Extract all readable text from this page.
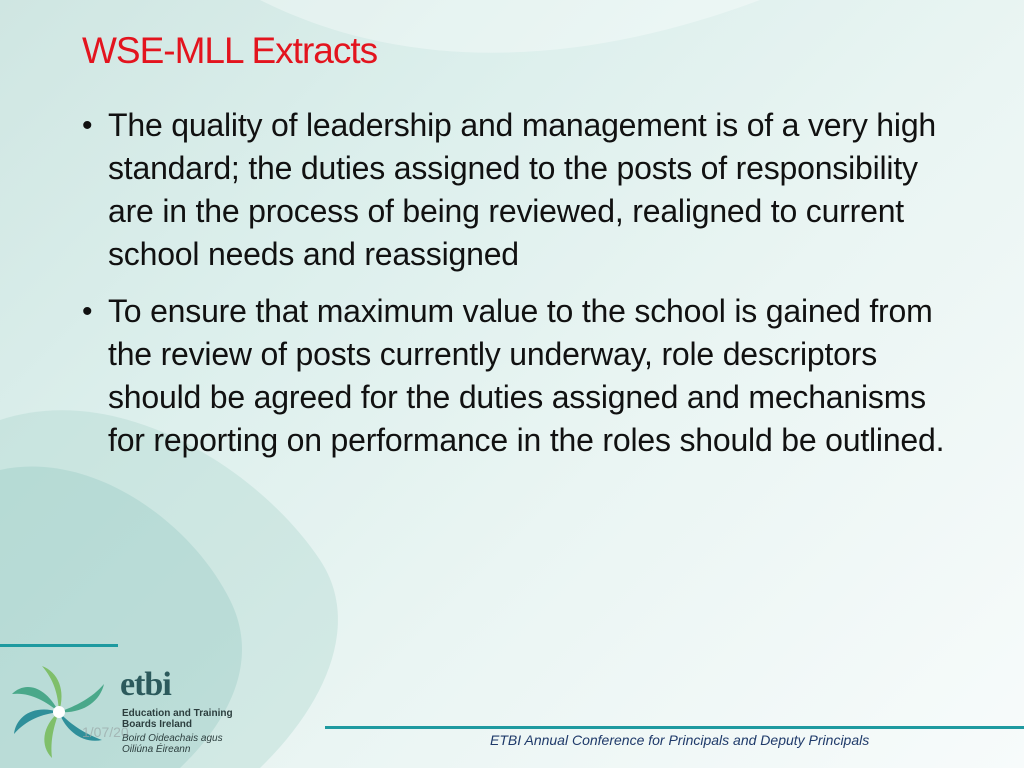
WSE-MLL Extracts
• The quality of leadership and management is of a very high standard; the duties assigned to the posts of responsibility are in the process of being reviewed, realigned to current school needs and reassigned
• To ensure that maximum value to the school is gained from the review of posts currently underway, role descriptors should be agreed for the duties assigned and mechanisms for reporting on performance in the roles should be outlined.
etbi
Education and Training
Boards Ireland
Boird Oideachais agus
Oiliúna Éireann
1/07/20	ETBI Annual Conference for Principals and Deputy Principals
